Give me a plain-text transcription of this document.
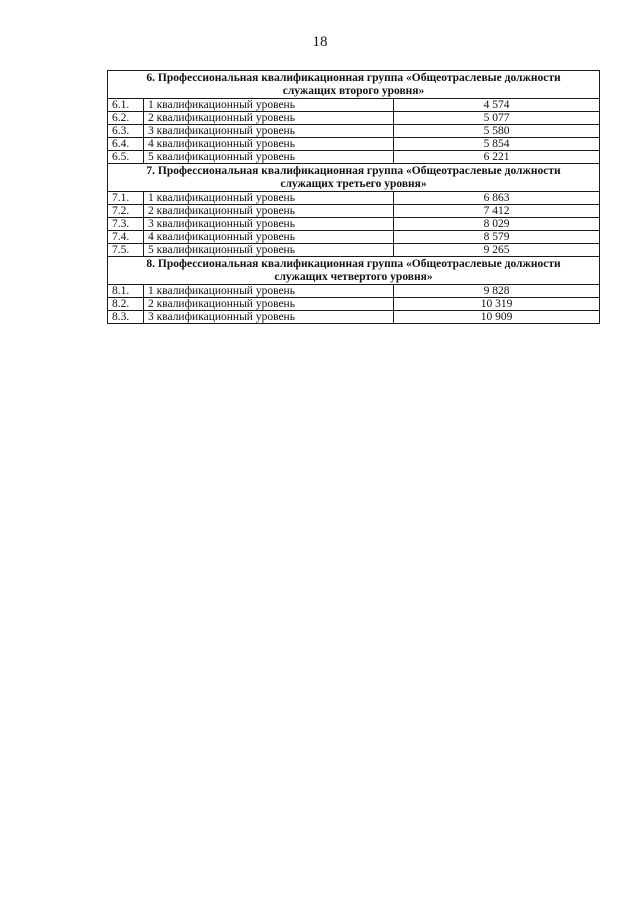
18
6. Профессиональная квалификационная группа «Общеотраслевые должности
служащих второго уровня»		
6.1.	1 квалификационный уровень	4 574
6.2.	2 квалификационный уровень	5 077
6.3.	3 квалификационный уровень	5 580
6.4.	4 квалификационный уровень	5 854
6.5.	5 квалификационный уровень	6 221
7. Профессиональная квалификационная группа «Общеотраслевые должности
служащих третьего уровня»		
7.1.	1 квалификационный уровень	6 863
7.2.	2 квалификационный уровень	7 412
7.3.	3 квалификационный уровень	8 029
7.4.	4 квалификационный уровень	8 579
7.5.	5 квалификационный уровень	9 265
8. Профессиональная квалификационная группа «Общеотраслевые должности
служащих четвертого уровня»		
8.1.	1 квалификационный уровень	9 828
8.2.	2 квалификационный уровень	10 319
8.3.	3 квалификационный уровень	10 909
